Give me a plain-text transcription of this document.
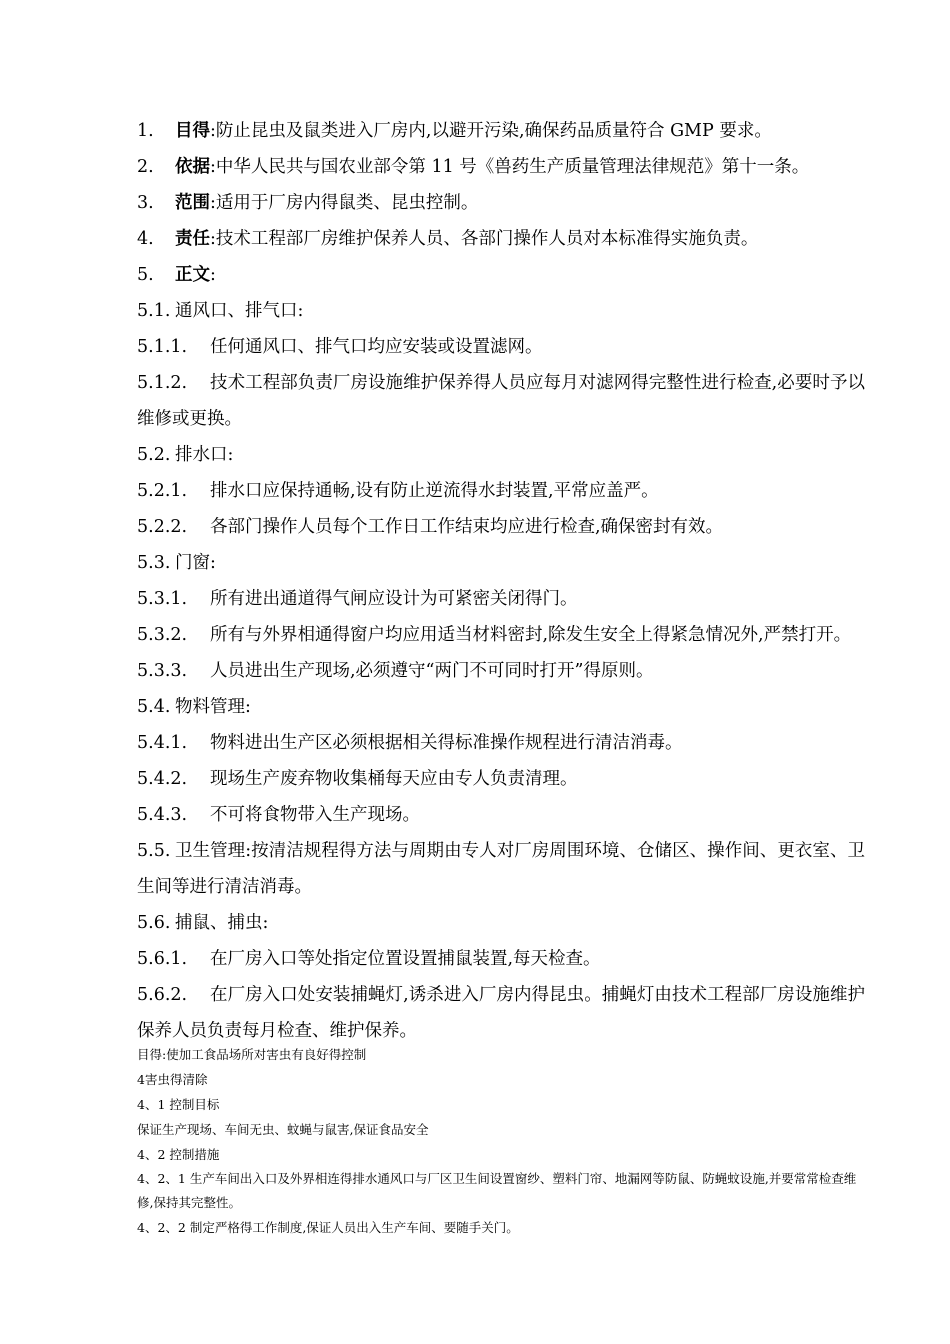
1. 目得:防止昆虫及鼠类进入厂房内,以避开污染,确保药品质量符合 GMP 要求。

2. 依据:中华人民共与国农业部令第 11 号《兽药生产质量管理法律规范》第十一条。

3. 范围:适用于厂房内得鼠类、昆虫控制。

4. 责任:技术工程部厂房维护保养人员、各部门操作人员对本标准得实施负责。

5. 正文:

5.1. 通风口、排气口:

5.1.1. 任何通风口、排气口均应安装或设置滤网。

5.1.2. 技术工程部负责厂房设施维护保养得人员应每月对滤网得完整性进行检查,必要时予以维修或更换。

5.2. 排水口:

5.2.1. 排水口应保持通畅,设有防止逆流得水封装置,平常应盖严。

5.2.2. 各部门操作人员每个工作日工作结束均应进行检查,确保密封有效。

5.3. 门窗:

5.3.1. 所有进出通道得气闸应设计为可紧密关闭得门。

5.3.2. 所有与外界相通得窗户均应用适当材料密封,除发生安全上得紧急情况外,严禁打开。

5.3.3. 人员进出生产现场,必须遵守“两门不可同时打开”得原则。

5.4. 物料管理:

5.4.1. 物料进出生产区必须根据相关得标准操作规程进行清洁消毒。

5.4.2. 现场生产废弃物收集桶每天应由专人负责清理。

5.4.3. 不可将食物带入生产现场。

5.5. 卫生管理:按清洁规程得方法与周期由专人对厂房周围环境、仓储区、操作间、更衣室、卫生间等进行清洁消毒。

5.6. 捕鼠、捕虫:

5.6.1. 在厂房入口等处指定位置设置捕鼠装置,每天检查。

5.6.2. 在厂房入口处安装捕蝇灯,诱杀进入厂房内得昆虫。捕蝇灯由技术工程部厂房设施维护保养人员负责每月检查、维护保养。

目得:使加工食品场所对害虫有良好得控制

4害虫得清除

4、1 控制目标

保证生产现场、车间无虫、蚊蝇与鼠害,保证食品安全

4、2 控制措施

4、2、1 生产车间出入口及外界相连得排水通风口与厂区卫生间设置窗纱、塑料门帘、地漏网等防鼠、防蝇蚊设施,并要常常检查维修,保持其完整性。

4、2、2 制定严格得工作制度,保证人员出入生产车间、要随手关门。
